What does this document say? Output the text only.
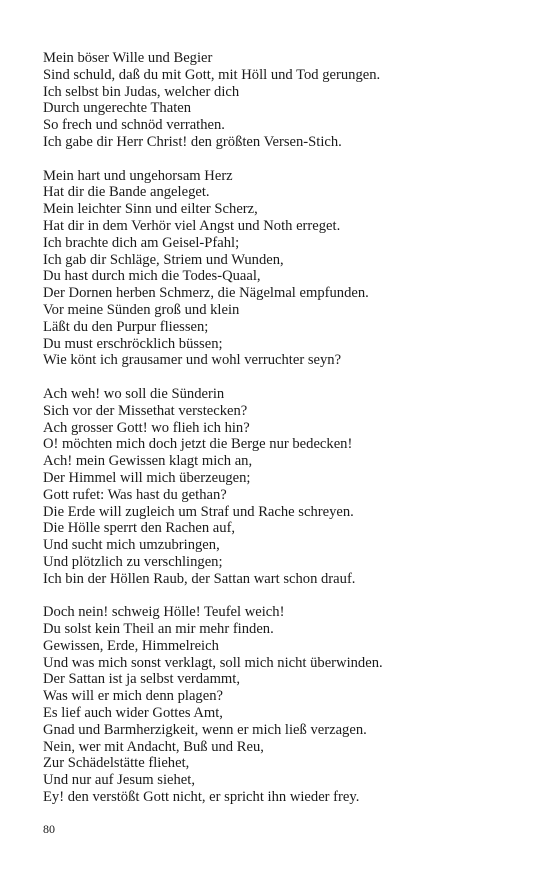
Mein böser Wille und Begier
Sind schuld, daß du mit Gott, mit Höll und Tod gerungen.
Ich selbst bin Judas, welcher dich
Durch ungerechte Thaten
So frech und schnöd verrathen.
Ich gabe dir Herr Christ! den größten Versen-Stich.
Mein hart und ungehorsam Herz
Hat dir die Bande angeleget.
Mein leichter Sinn und eilter Scherz,
Hat dir in dem Verhör viel Angst und Noth erreget.
Ich brachte dich am Geisel-Pfahl;
Ich gab dir Schläge, Striem und Wunden,
Du hast durch mich die Todes-Quaal,
Der Dornen herben Schmerz, die Nägelmal empfunden.
Vor meine Sünden groß und klein
Läßt du den Purpur fliessen;
Du must erschröcklich büssen;
Wie könt ich grausamer und wohl verruchter seyn?
Ach weh! wo soll die Sünderin
Sich vor der Missethat verstecken?
Ach grosser Gott! wo flieh ich hin?
O! möchten mich doch jetzt die Berge nur bedecken!
Ach! mein Gewissen klagt mich an,
Der Himmel will mich überzeugen;
Gott rufet: Was hast du gethan?
Die Erde will zugleich um Straf und Rache schreyen.
Die Hölle sperrt den Rachen auf,
Und sucht mich umzubringen,
Und plötzlich zu verschlingen;
Ich bin der Höllen Raub, der Sattan wart schon drauf.
Doch nein! schweig Hölle! Teufel weich!
Du solst kein Theil an mir mehr finden.
Gewissen, Erde, Himmelreich
Und was mich sonst verklagt, soll mich nicht überwinden.
Der Sattan ist ja selbst verdammt,
Was will er mich denn plagen?
Es lief auch wider Gottes Amt,
Gnad und Barmherzigkeit, wenn er mich ließ verzagen.
Nein, wer mit Andacht, Buß und Reu,
Zur Schädelstätte fliehet,
Und nur auf Jesum siehet,
Ey! den verstößt Gott nicht, er spricht ihn wieder frey.
80
